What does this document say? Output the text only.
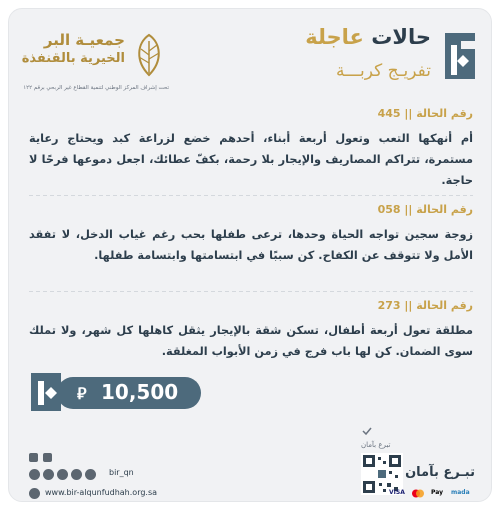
حالات عاجلة
تفريـج كربـــة
جمعيـة البر
الخيرية بالقنفذة
تحت إشراف المركز الوطني لتنمية القطاع غير الربحي برقم ١٢٢
رقم الحالة || 445
أم أنهكها التعب وتعول أربعة أبناء، أحدهم خضع لزراعة كبد ويحتاج رعاية مستمرة، تتراكم المصاريف والإيجار بلا رحمة، بكفّ عطائك، اجعل دموعها فرحًا لا حاجة.
رقم الحالة || 058
زوجة سجين تواجه الحياة وحدها، ترعى طفلها بحب رغم غياب الدخل، لا تفقد الأمل ولا تتوقف عن الكفاح. كن سببًا في ابتسامتها وابتسامة طفلها.
رقم الحالة || 273
مطلقة تعول أربعة أطفال، تسكن شقة بالإيجار يثقل كاهلها كل شهر، ولا تملك سوى الضمان. كن لها باب فرج في زمن الأبواب المغلقة.
⃁ 10,500
bir_qn
www.bir-alqunfudhah.org.sa
تبرع بآمان
تبـرع بآمان
VISA	Pay mada
